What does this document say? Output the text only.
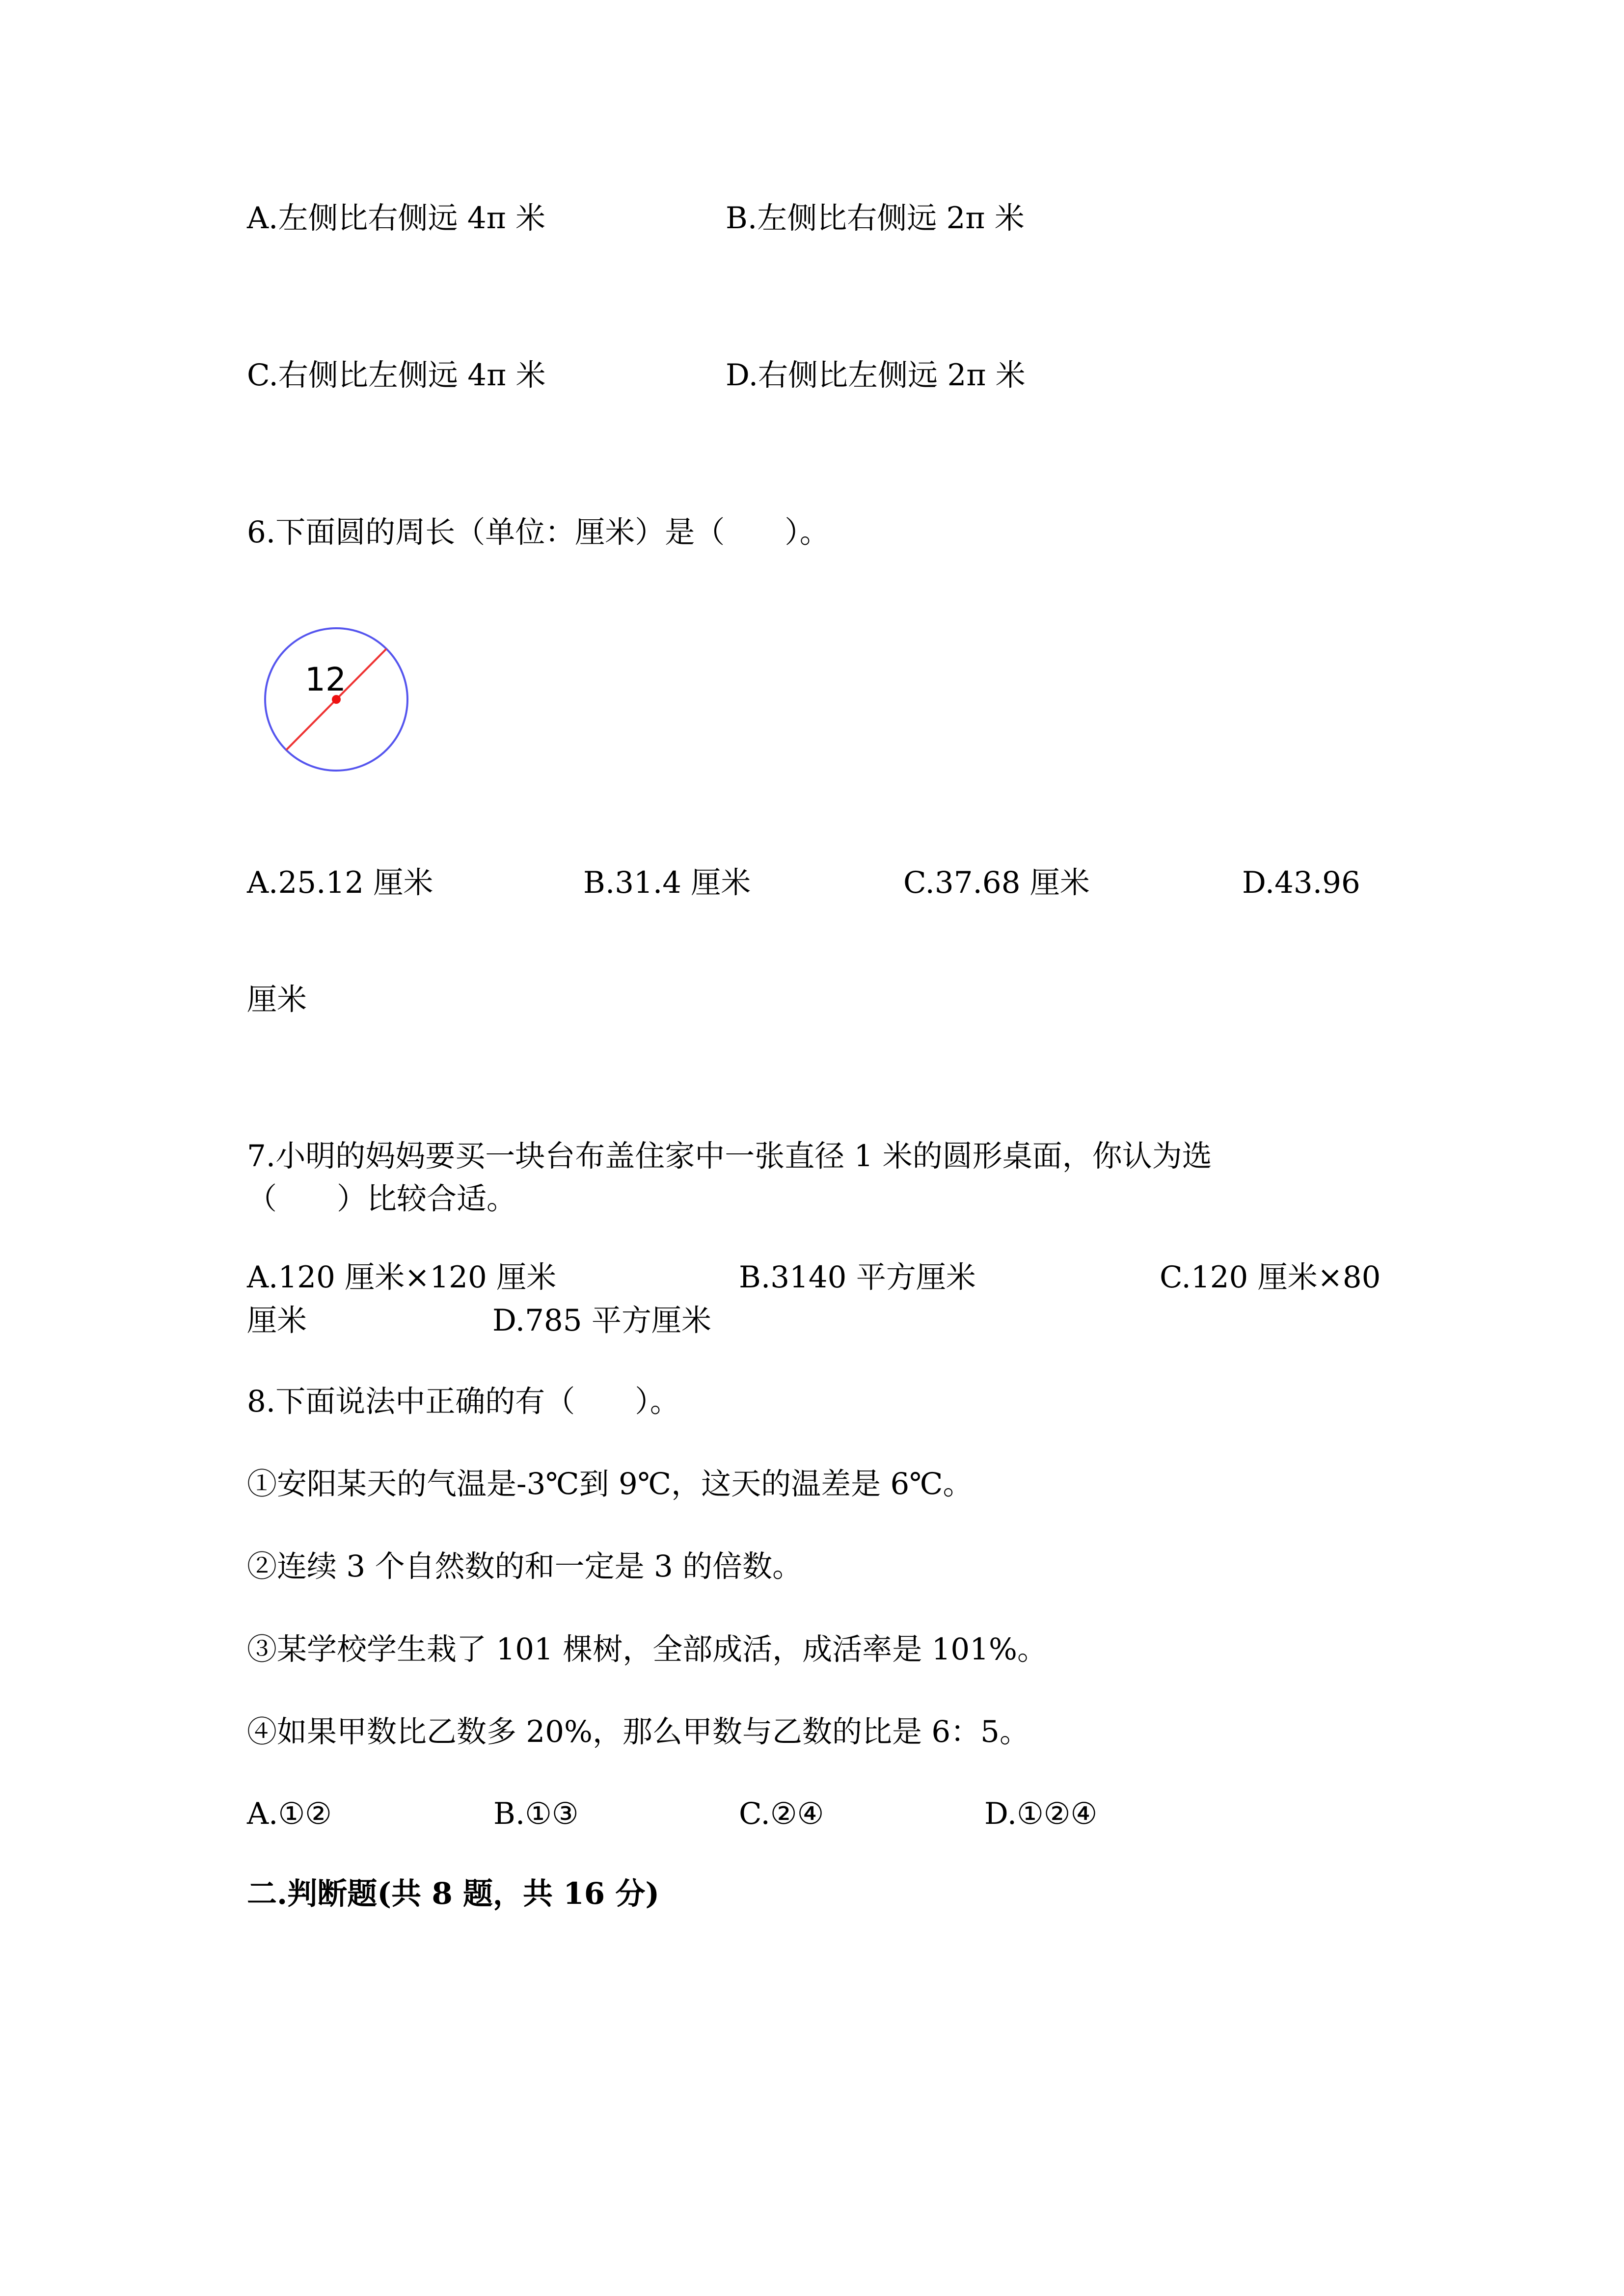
A.左侧比右侧远 4π 米	B.左侧比右侧远 2π 米
C.右侧比左侧远 4π 米	D.右侧比左侧远 2π 米
6.下面圆的周长（单位：厘米）是（　　）。
12
A.25.12 厘米	B.31.4 厘米	C.37.68 厘米	D.43.96
厘米
7.小明的妈妈要买一块台布盖住家中一张直径 1 米的圆形桌面，你认为选
（　　）比较合适。
A.120 厘米×120 厘米	B.3140 平方厘米	C.120 厘米×80
厘米	D.785 平方厘米
8.下面说法中正确的有（　　）。
①安阳某天的气温是-3℃到 9℃，这天的温差是 6℃。
②连续 3 个自然数的和一定是 3 的倍数。
③某学校学生栽了 101 棵树，全部成活，成活率是 101%。
④如果甲数比乙数多 20%，那么甲数与乙数的比是 6：5。
A.①②	B.①③	C.②④	D.①②④
二.判断题(共 8 题，共 16 分)
